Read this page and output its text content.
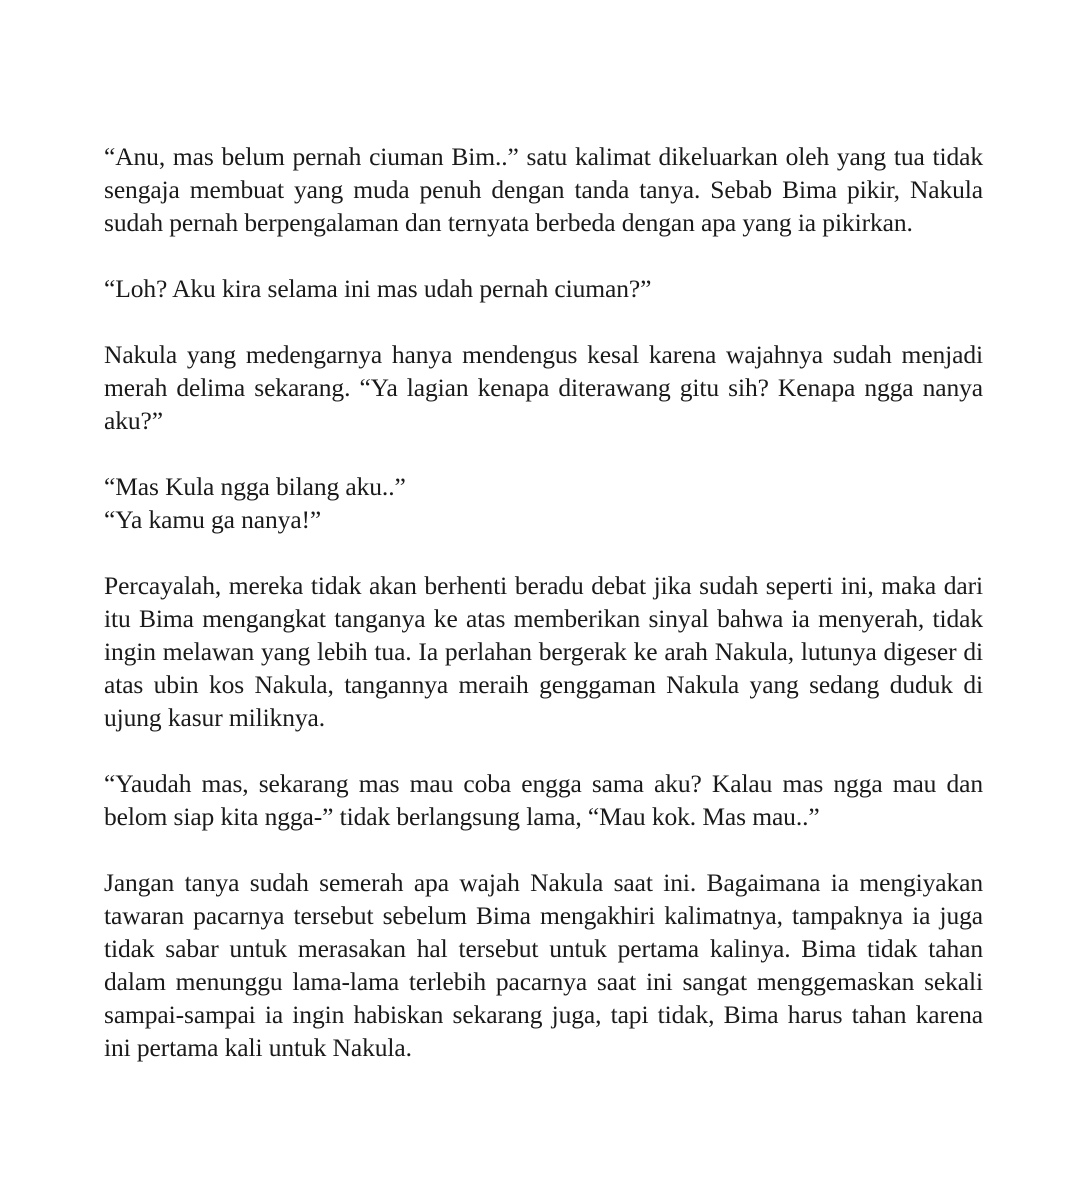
“Anu, mas belum pernah ciuman Bim..” satu kalimat dikeluarkan oleh yang tua tidak sengaja membuat yang muda penuh dengan tanda tanya. Sebab Bima pikir, Nakula sudah pernah berpengalaman dan ternyata berbeda dengan apa yang ia pikirkan.

“Loh? Aku kira selama ini mas udah pernah ciuman?”

Nakula yang medengarnya hanya mendengus kesal karena wajahnya sudah menjadi merah delima sekarang. “Ya lagian kenapa diterawang gitu sih? Kenapa ngga nanya aku?”

“Mas Kula ngga bilang aku..”
“Ya kamu ga nanya!”

Percayalah, mereka tidak akan berhenti beradu debat jika sudah seperti ini, maka dari itu Bima mengangkat tanganya ke atas memberikan sinyal bahwa ia menyerah, tidak ingin melawan yang lebih tua. Ia perlahan bergerak ke arah Nakula, lutunya digeser di atas ubin kos Nakula, tangannya meraih genggaman Nakula yang sedang duduk di ujung kasur miliknya.

“Yaudah mas, sekarang mas mau coba engga sama aku? Kalau mas ngga mau dan belom siap kita ngga-” tidak berlangsung lama, “Mau kok. Mas mau..”

Jangan tanya sudah semerah apa wajah Nakula saat ini. Bagaimana ia mengiyakan tawaran pacarnya tersebut sebelum Bima mengakhiri kalimatnya, tampaknya ia juga tidak sabar untuk merasakan hal tersebut untuk pertama kalinya. Bima tidak tahan dalam menunggu lama-lama terlebih pacarnya saat ini sangat menggemaskan sekali sampai-sampai ia ingin habiskan sekarang juga, tapi tidak, Bima harus tahan karena ini pertama kali untuk Nakula.
